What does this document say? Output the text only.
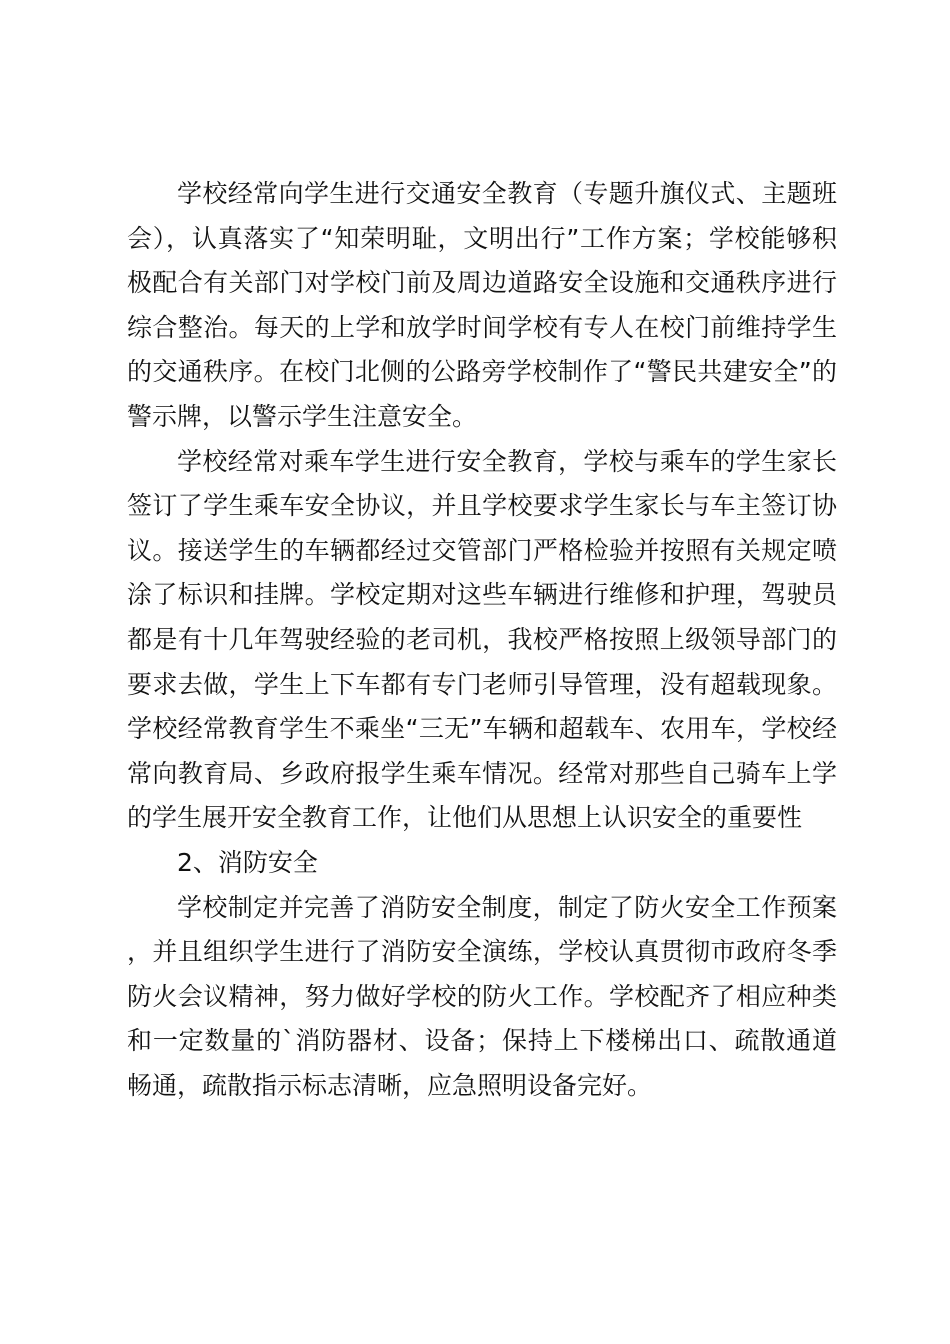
学校经常向学生进行交通安全教育（专题升旗仪式、主题班会），认真落实了“知荣明耻，文明出行”工作方案；学校能够积极配合有关部门对学校门前及周边道路安全设施和交通秩序进行综合整治。每天的上学和放学时间学校有专人在校门前维持学生的交通秩序。在校门北侧的公路旁学校制作了“警民共建安全”的警示牌，以警示学生注意安全。

学校经常对乘车学生进行安全教育，学校与乘车的学生家长签订了学生乘车安全协议，并且学校要求学生家长与车主签订协议。接送学生的车辆都经过交管部门严格检验并按照有关规定喷涂了标识和挂牌。学校定期对这些车辆进行维修和护理，驾驶员都是有十几年驾驶经验的老司机，我校严格按照上级领导部门的要求去做，学生上下车都有专门老师引导管理，没有超载现象。学校经常教育学生不乘坐“三无”车辆和超载车、农用车，学校经常向教育局、乡政府报学生乘车情况。经常对那些自己骑车上学的学生展开安全教育工作，让他们从思想上认识安全的重要性

2、消防安全

学校制定并完善了消防安全制度，制定了防火安全工作预案，并且组织学生进行了消防安全演练，学校认真贯彻市政府冬季防火会议精神，努力做好学校的防火工作。学校配齐了相应种类和一定数量的`消防器材、设备；保持上下楼梯出口、疏散通道畅通，疏散指示标志清晰，应急照明设备完好。
